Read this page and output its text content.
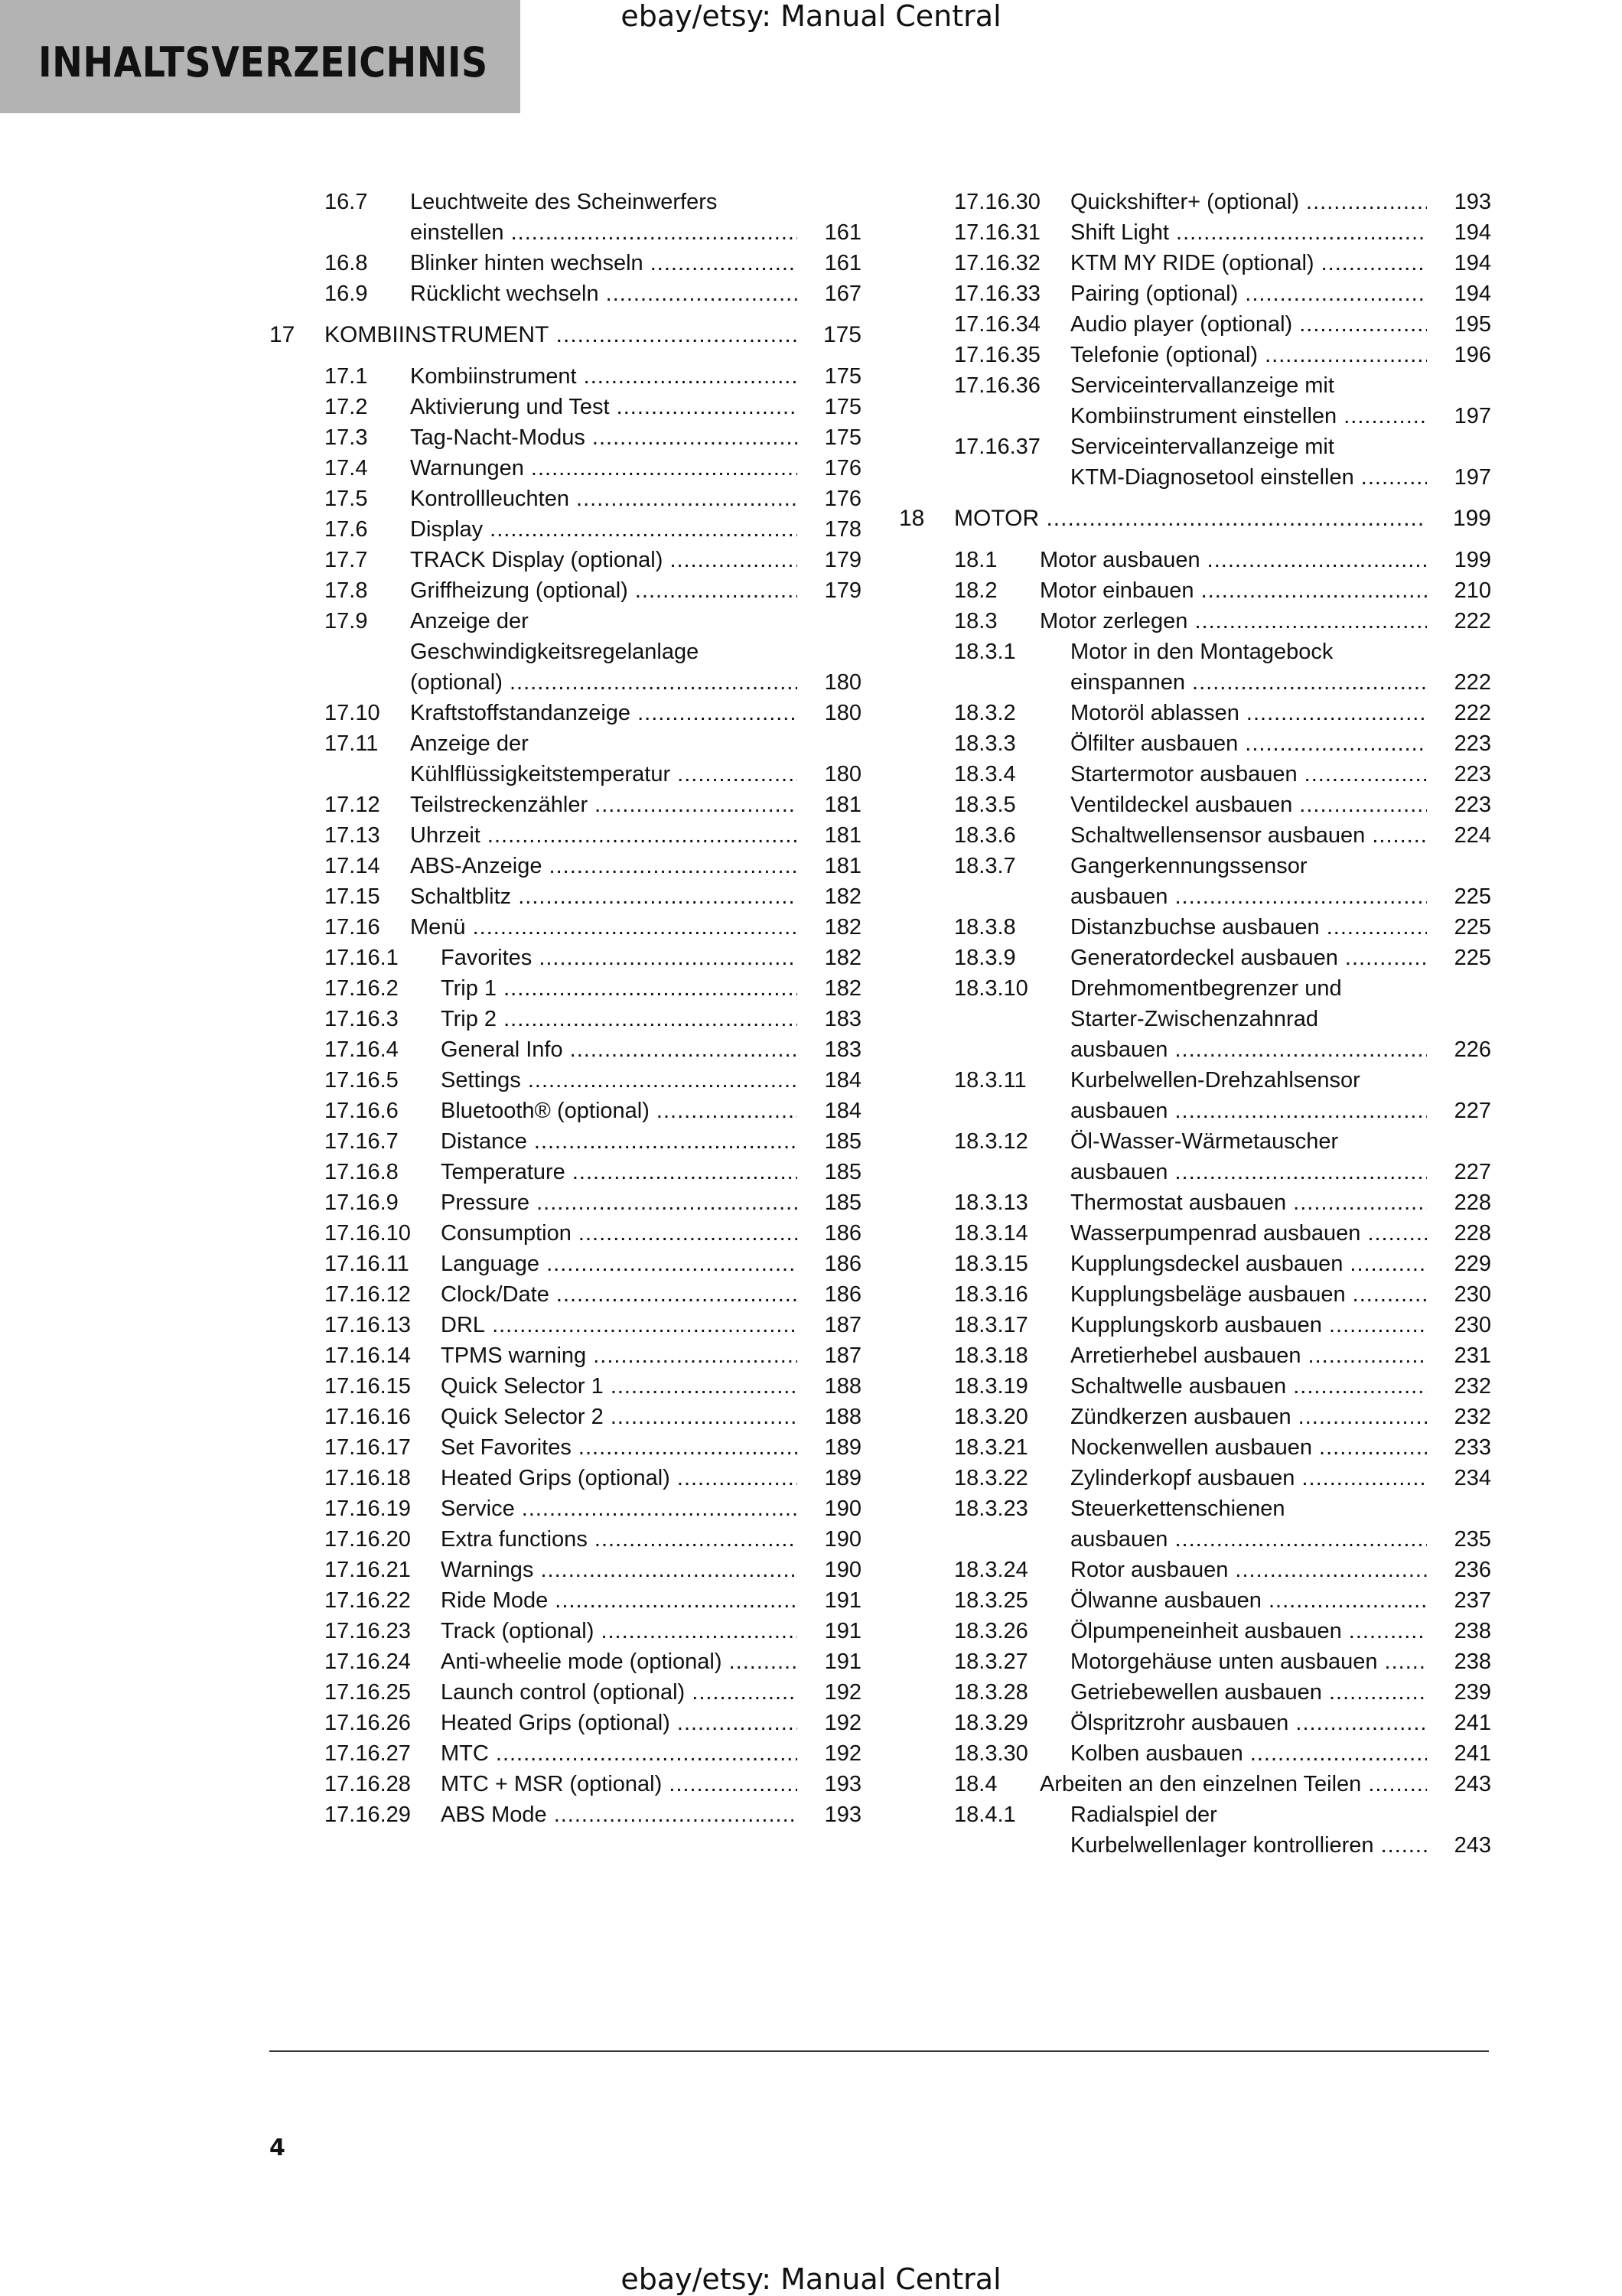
ebay/etsy: Manual Central
INHALTSVERZEICHNIS
16.7 Leuchtweite des Scheinwerfers
einstellen .....	161
16.8 Blinker hinten wechseln .....	161
16.9 Rücklicht wechseln .....	167
17 KOMBIINSTRUMENT .....	175
17.1 Kombiinstrument .....	175
17.2 Aktivierung und Test .....	175
17.3 Tag-Nacht-Modus .....	175
17.4 Warnungen .....	176
17.5 Kontrollleuchten .....	176
17.6 Display .....	178
17.7 TRACK Display (optional) .....	179
17.8 Griffheizung (optional) .....	179
17.9 Anzeige der
Geschwindigkeitsregelanlage
(optional) .....	180
17.10 Kraftstoffstandanzeige .....	180
17.11 Anzeige der
Kühlflüssigkeitstemperatur .....	180
17.12 Teilstreckenzähler .....	181
17.13 Uhrzeit .....	181
17.14 ABS-Anzeige .....	181
17.15 Schaltblitz .....	182
17.16 Menü .....	182
17.16.1 Favorites .....	182
17.16.2 Trip 1 .....	182
17.16.3 Trip 2 .....	183
17.16.4 General Info .....	183
17.16.5 Settings .....	184
17.16.6 Bluetooth® (optional) .....	184
17.16.7 Distance .....	185
17.16.8 Temperature .....	185
17.16.9 Pressure .....	185
17.16.10 Consumption .....	186
17.16.11 Language .....	186
17.16.12 Clock/Date .....	186
17.16.13 DRL .....	187
17.16.14 TPMS warning .....	187
17.16.15 Quick Selector 1 .....	188
17.16.16 Quick Selector 2 .....	188
17.16.17 Set Favorites .....	189
17.16.18 Heated Grips (optional) .....	189
17.16.19 Service .....	190
17.16.20 Extra functions .....	190
17.16.21 Warnings .....	190
17.16.22 Ride Mode .....	191
17.16.23 Track (optional) .....	191
17.16.24 Anti-wheelie mode (optional) .....	191
17.16.25 Launch control (optional) .....	192
17.16.26 Heated Grips (optional) .....	192
17.16.27 MTC .....	192
17.16.28 MTC + MSR (optional) .....	193
17.16.29 ABS Mode .....	193
17.16.30 Quickshifter+ (optional) .....	193
17.16.31 Shift Light .....	194
17.16.32 KTM MY RIDE (optional) .....	194
17.16.33 Pairing (optional) .....	194
17.16.34 Audio player (optional) .....	195
17.16.35 Telefonie (optional) .....	196
17.16.36 Serviceintervallanzeige mit
Kombiinstrument einstellen .....	197
17.16.37 Serviceintervallanzeige mit
KTM-Diagnosetool einstellen .....	197
18 MOTOR .....	199
18.1 Motor ausbauen .....	199
18.2 Motor einbauen .....	210
18.3 Motor zerlegen .....	222
18.3.1 Motor in den Montagebock
einspannen .....	222
18.3.2 Motoröl ablassen .....	222
18.3.3 Ölfilter ausbauen .....	223
18.3.4 Startermotor ausbauen .....	223
18.3.5 Ventildeckel ausbauen .....	223
18.3.6 Schaltwellensensor ausbauen .....	224
18.3.7 Gangerkennungssensor
ausbauen .....	225
18.3.8 Distanzbuchse ausbauen .....	225
18.3.9 Generatordeckel ausbauen .....	225
18.3.10 Drehmomentbegrenzer und
Starter-Zwischenzahnrad
ausbauen .....	226
18.3.11 Kurbelwellen-Drehzahlsensor
ausbauen .....	227
18.3.12 Öl-Wasser-Wärmetauscher
ausbauen .....	227
18.3.13 Thermostat ausbauen .....	228
18.3.14 Wasserpumpenrad ausbauen .....	228
18.3.15 Kupplungsdeckel ausbauen .....	229
18.3.16 Kupplungsbeläge ausbauen .....	230
18.3.17 Kupplungskorb ausbauen .....	230
18.3.18 Arretierhebel ausbauen .....	231
18.3.19 Schaltwelle ausbauen .....	232
18.3.20 Zündkerzen ausbauen .....	232
18.3.21 Nockenwellen ausbauen .....	233
18.3.22 Zylinderkopf ausbauen .....	234
18.3.23 Steuerkettenschienen
ausbauen .....	235
18.3.24 Rotor ausbauen .....	236
18.3.25 Ölwanne ausbauen .....	237
18.3.26 Ölpumpeneinheit ausbauen .....	238
18.3.27 Motorgehäuse unten ausbauen .....	238
18.3.28 Getriebewellen ausbauen .....	239
18.3.29 Ölspritzrohr ausbauen .....	241
18.3.30 Kolben ausbauen .....	241
18.4 Arbeiten an den einzelnen Teilen .....	243
18.4.1 Radialspiel der
Kurbelwellenlager kontrollieren .....	243
4
ebay/etsy: Manual Central
